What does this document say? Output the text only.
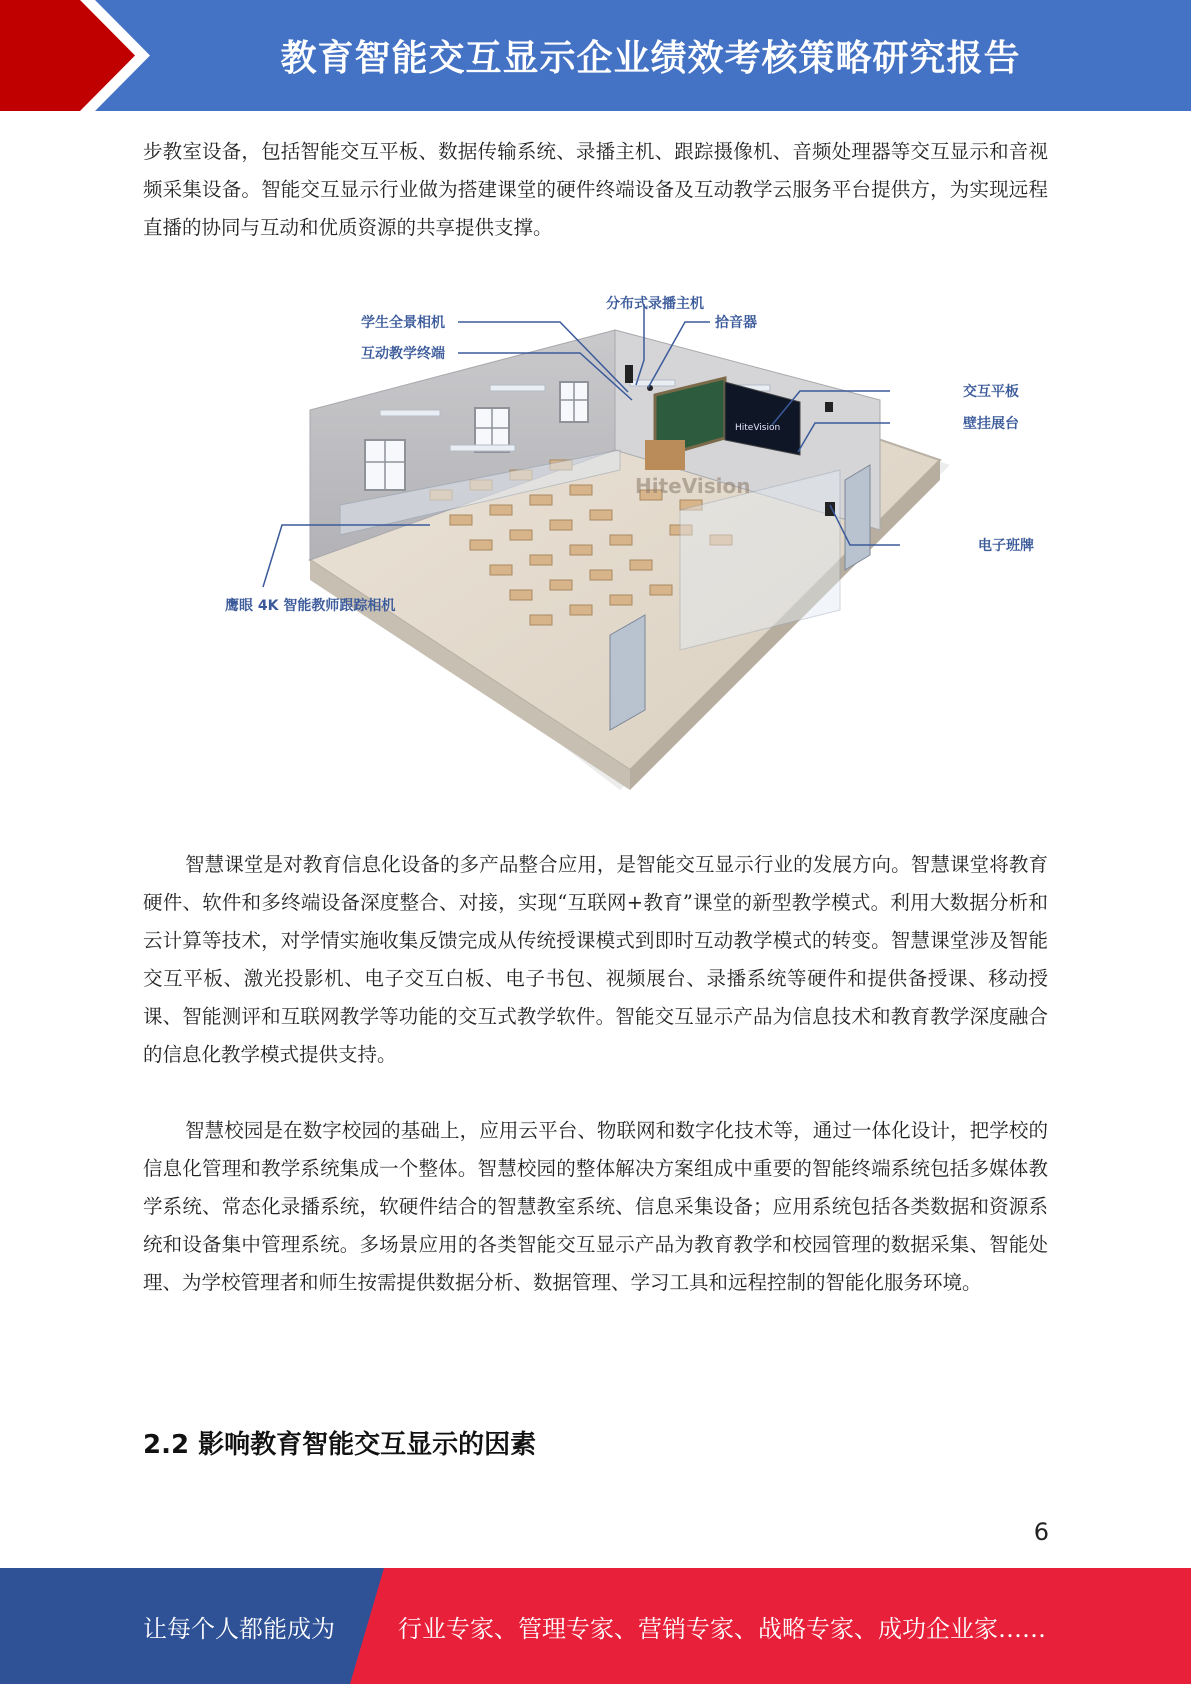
教育智能交互显示企业绩效考核策略研究报告

步教室设备，包括智能交互平板、数据传输系统、录播主机、跟踪摄像机、音频处理器等交互显示和音视频采集设备。智能交互显示行业做为搭建课堂的硬件终端设备及互动教学云服务平台提供方，为实现远程直播的协同与互动和优质资源的共享提供支撑。

HiteVision
HiteVision
分布式录播主机
学生全景相机
互动教学终端
拾音器
交互平板
壁挂展台
电子班牌
鹰眼 4K 智能教师跟踪相机

智慧课堂是对教育信息化设备的多产品整合应用，是智能交互显示行业的发展方向。智慧课堂将教育硬件、软件和多终端设备深度整合、对接，实现“互联网+教育”课堂的新型教学模式。利用大数据分析和云计算等技术，对学情实施收集反馈完成从传统授课模式到即时互动教学模式的转变。智慧课堂涉及智能交互平板、激光投影机、电子交互白板、电子书包、视频展台、录播系统等硬件和提供备授课、移动授课、智能测评和互联网教学等功能的交互式教学软件。智能交互显示产品为信息技术和教育教学深度融合的信息化教学模式提供支持。

智慧校园是在数字校园的基础上，应用云平台、物联网和数字化技术等，通过一体化设计，把学校的信息化管理和教学系统集成一个整体。智慧校园的整体解决方案组成中重要的智能终端系统包括多媒体教学系统、常态化录播系统，软硬件结合的智慧教室系统、信息采集设备；应用系统包括各类数据和资源系统和设备集中管理系统。多场景应用的各类智能交互显示产品为教育教学和校园管理的数据采集、智能处理、为学校管理者和师生按需提供数据分析、数据管理、学习工具和远程控制的智能化服务环境。

2.2 影响教育智能交互显示的因素
6
让每个人都能成为	行业专家、管理专家、营销专家、战略专家、成功企业家……
